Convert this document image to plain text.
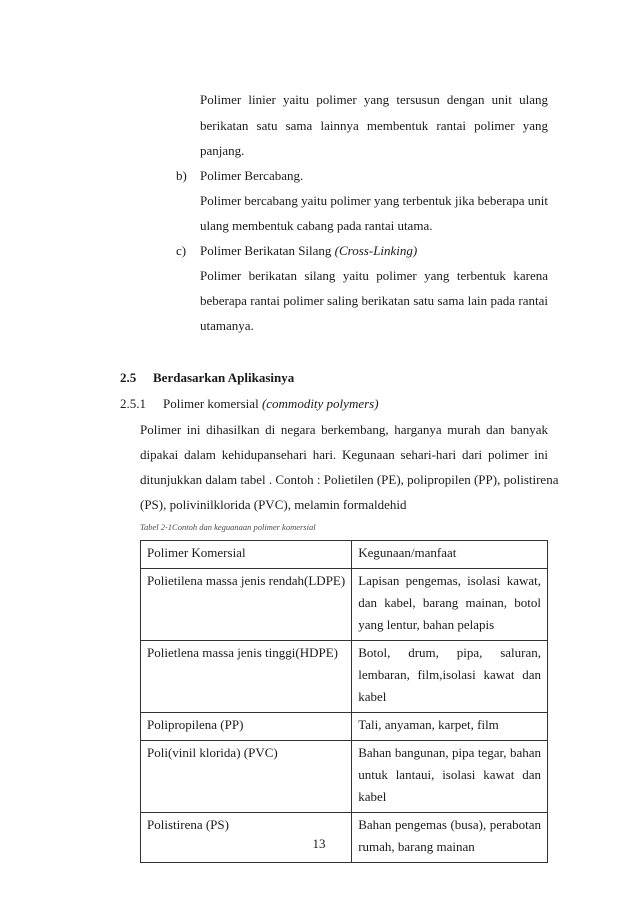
Polimer linier yaitu polimer yang tersusun dengan unit ulang
berikatan satu sama lainnya membentuk rantai polimer yang
panjang.
b) Polimer Bercabang.
Polimer bercabang yaitu polimer yang terbentuk jika beberapa unit
ulang membentuk cabang pada rantai utama.
c) Polimer Berikatan Silang (Cross-Linking)
Polimer berikatan silang yaitu polimer yang terbentuk karena
beberapa rantai polimer saling berikatan satu sama lain pada rantai
utamanya.
2.5 Berdasarkan Aplikasinya
2.5.1 Polimer komersial (commodity polymers)
Polimer ini dihasilkan di negara berkembang, harganya murah dan banyak
dipakai dalam kehidupansehari hari. Kegunaan sehari-hari dari polimer ini
ditunjukkan dalam tabel . Contoh : Polietilen (PE), polipropilen (PP), polistirena
(PS), polivinilklorida (PVC), melamin formaldehid
Tabel 2-1Contoh dan keguanaan polimer komersial
Polimer Komersial	Kegunaan/manfaat

Polietilena massa jenis rendah(LDPE)	Lapisan pengemas, isolasi kawat,
dan kabel, barang mainan, botol
yang lentur, bahan pelapis

Polietlena massa jenis tinggi(HDPE)	Botol, drum, pipa, saluran,
lembaran, film,isolasi kawat dan
kabel

Polipropilena (PP)	Tali, anyaman, karpet, film

Poli(vinil klorida) (PVC)	Bahan bangunan, pipa tegar, bahan
untuk lantaui, isolasi kawat dan
kabel

Polistirena (PS)	Bahan pengemas (busa), perabotan
rumah, barang mainan
13
